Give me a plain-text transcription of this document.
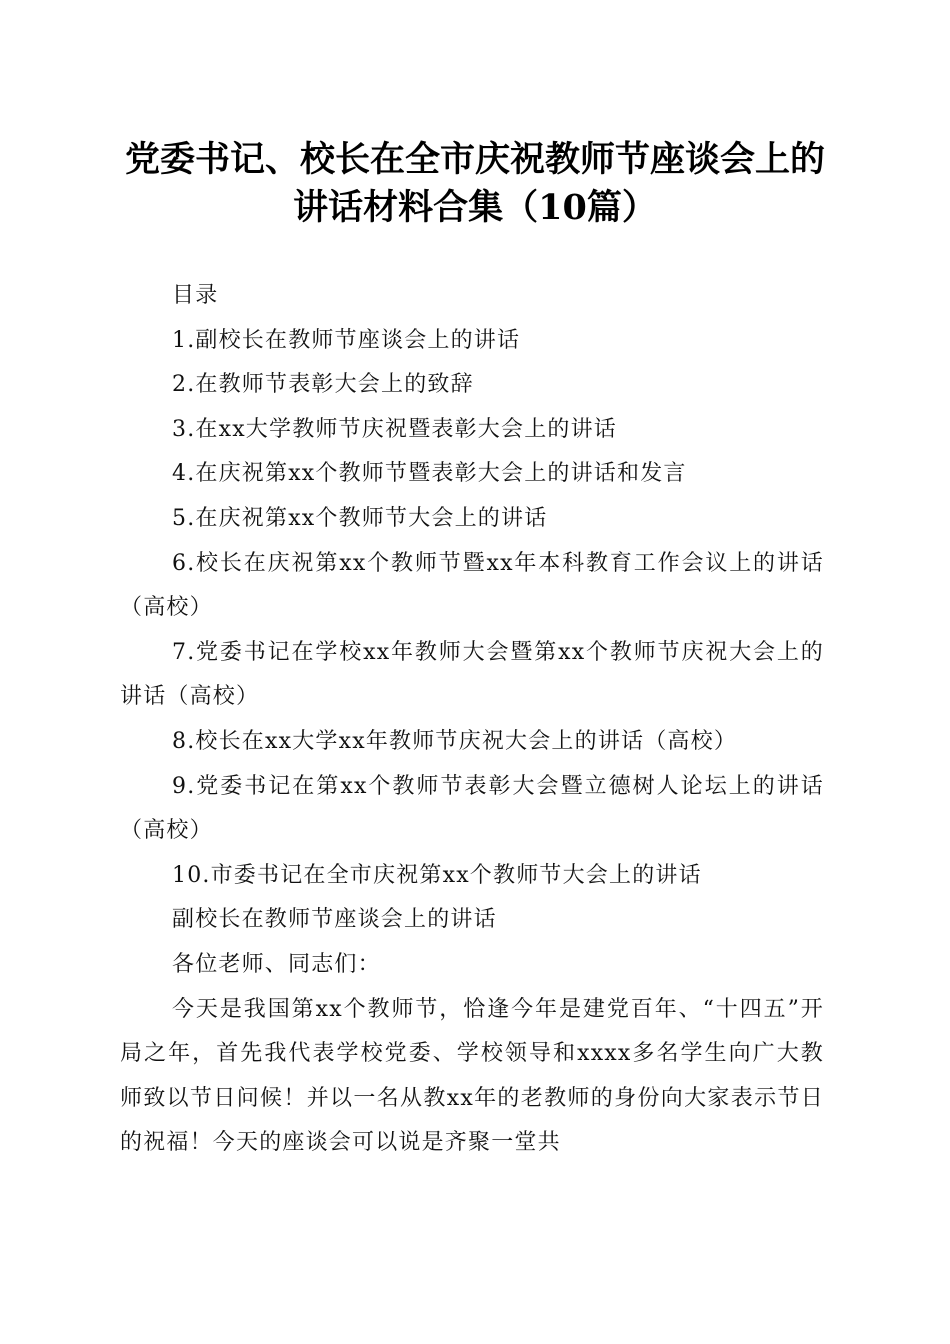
党委书记、校长在全市庆祝教师节座谈会上的
讲话材料合集（10篇）

目录

1.副校长在教师节座谈会上的讲话

2.在教师节表彰大会上的致辞

3.在xx大学教师节庆祝暨表彰大会上的讲话

4.在庆祝第xx个教师节暨表彰大会上的讲话和发言

5.在庆祝第xx个教师节大会上的讲话

6.校长在庆祝第xx个教师节暨xx年本科教育工作会议上的讲话（高校）

7.党委书记在学校xx年教师大会暨第xx个教师节庆祝大会上的讲话（高校）

8.校长在xx大学xx年教师节庆祝大会上的讲话（高校）

9.党委书记在第xx个教师节表彰大会暨立德树人论坛上的讲话（高校）

10.市委书记在全市庆祝第xx个教师节大会上的讲话

副校长在教师节座谈会上的讲话

各位老师、同志们：

今天是我国第xx个教师节，恰逢今年是建党百年、“十四五”开局之年，首先我代表学校党委、学校领导和xxxx多名学生向广大教师致以节日问候！并以一名从教xx年的老教师的身份向大家表示节日的祝福！今天的座谈会可以说是齐聚一堂共
